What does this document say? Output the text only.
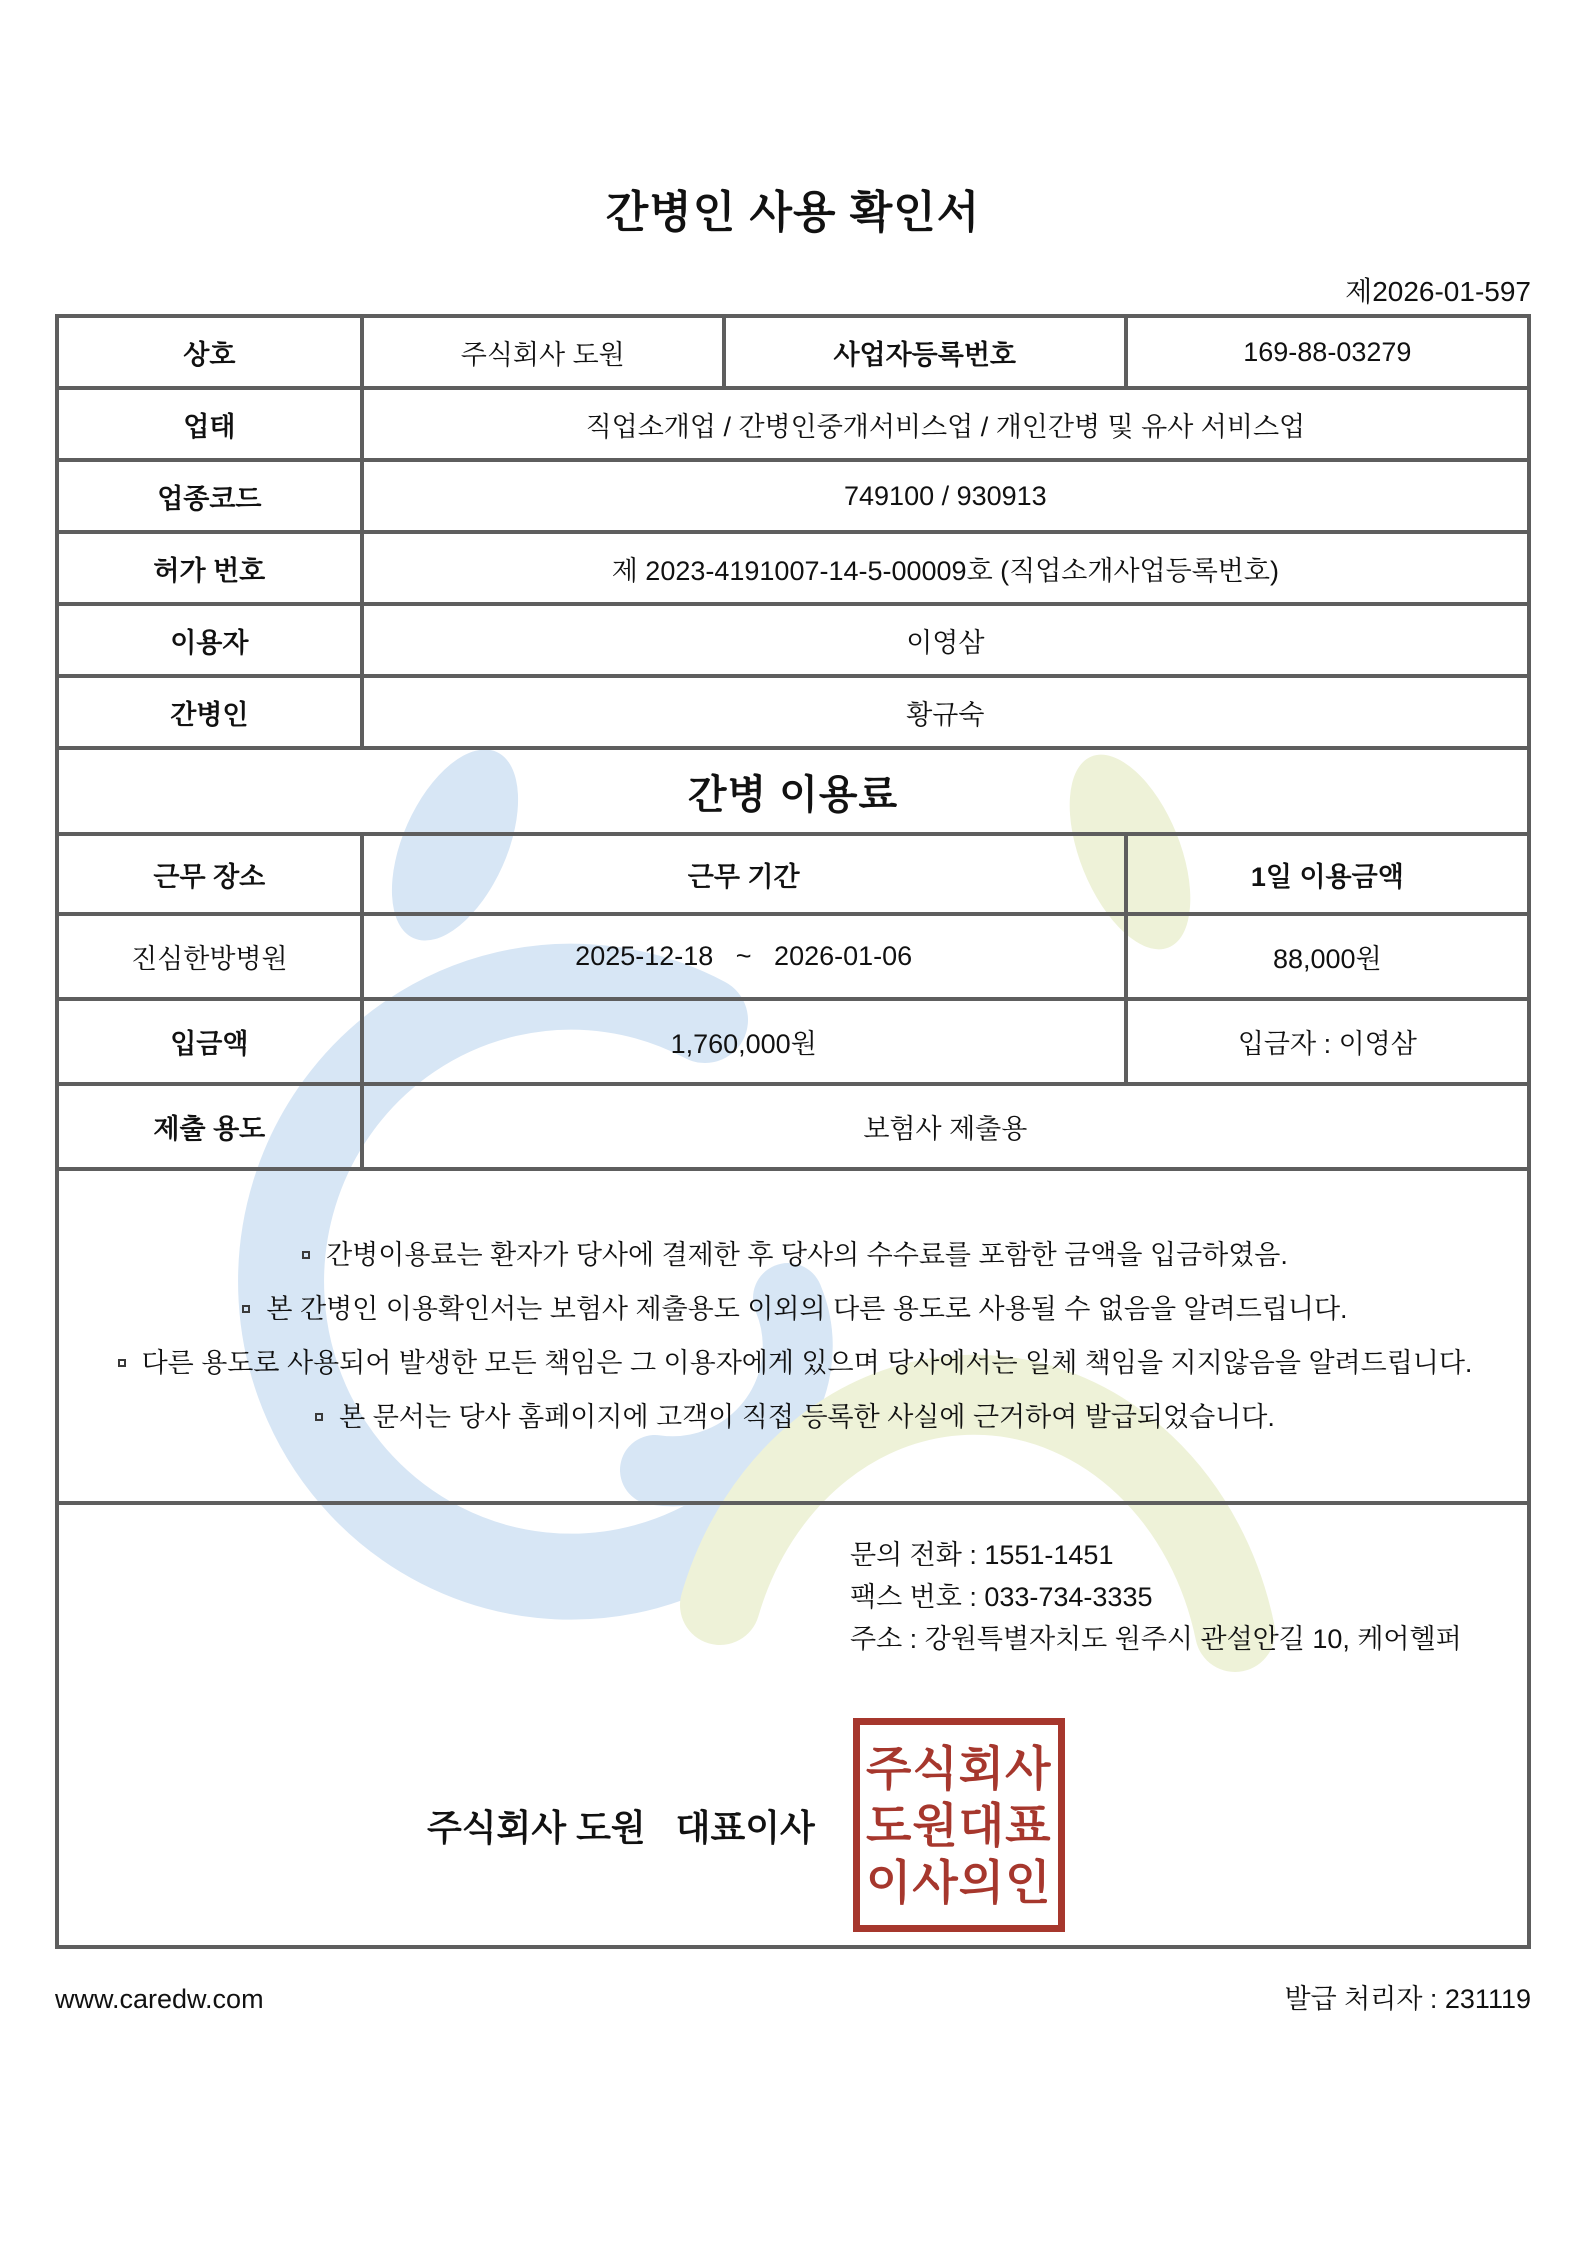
간병인 사용 확인서
제2026-01-597
상호	주식회사 도원	사업자등록번호	169-88-03279
업태	직업소개업 / 간병인중개서비스업 / 개인간병 및 유사 서비스업		
업종코드	749100 / 930913		
허가 번호	제 2023-4191007-14-5-00009호 (직업소개사업등록번호)		
이용자	이영삼		
간병인	황규숙		
간병 이용료			
근무 장소	근무 기간		1일 이용금액
진심한방병원	2025-12-18   ~   2026-01-06		88,000원
입금액	1,760,000원		입금자 : 이영삼
제출 용도	보험사 제출용		

간병이용료는 환자가 당사에 결제한 후 당사의 수수료를 포함한 금액을 입금하였음.
본 간병인 이용확인서는 보험사 제출용도 이외의 다른 용도로 사용될 수 없음을 알려드립니다.
다른 용도로 사용되어 발생한 모든 책임은 그 이용자에게 있으며 당사에서는 일체 책임을 지지않음을 알려드립니다.
본 문서는 당사 홈페이지에 고객이 직접 등록한 사실에 근거하여 발급되었습니다.			

문의 전화 : 1551-1451
팩스 번호 : 033-734-3335
주소 : 강원특별자치도 원주시 관설안길 10, 케어헬퍼
주식회사 도원   대표이사
주식회사
도원대표
이사의인
www.caredw.com	발급 처리자 : 231119
